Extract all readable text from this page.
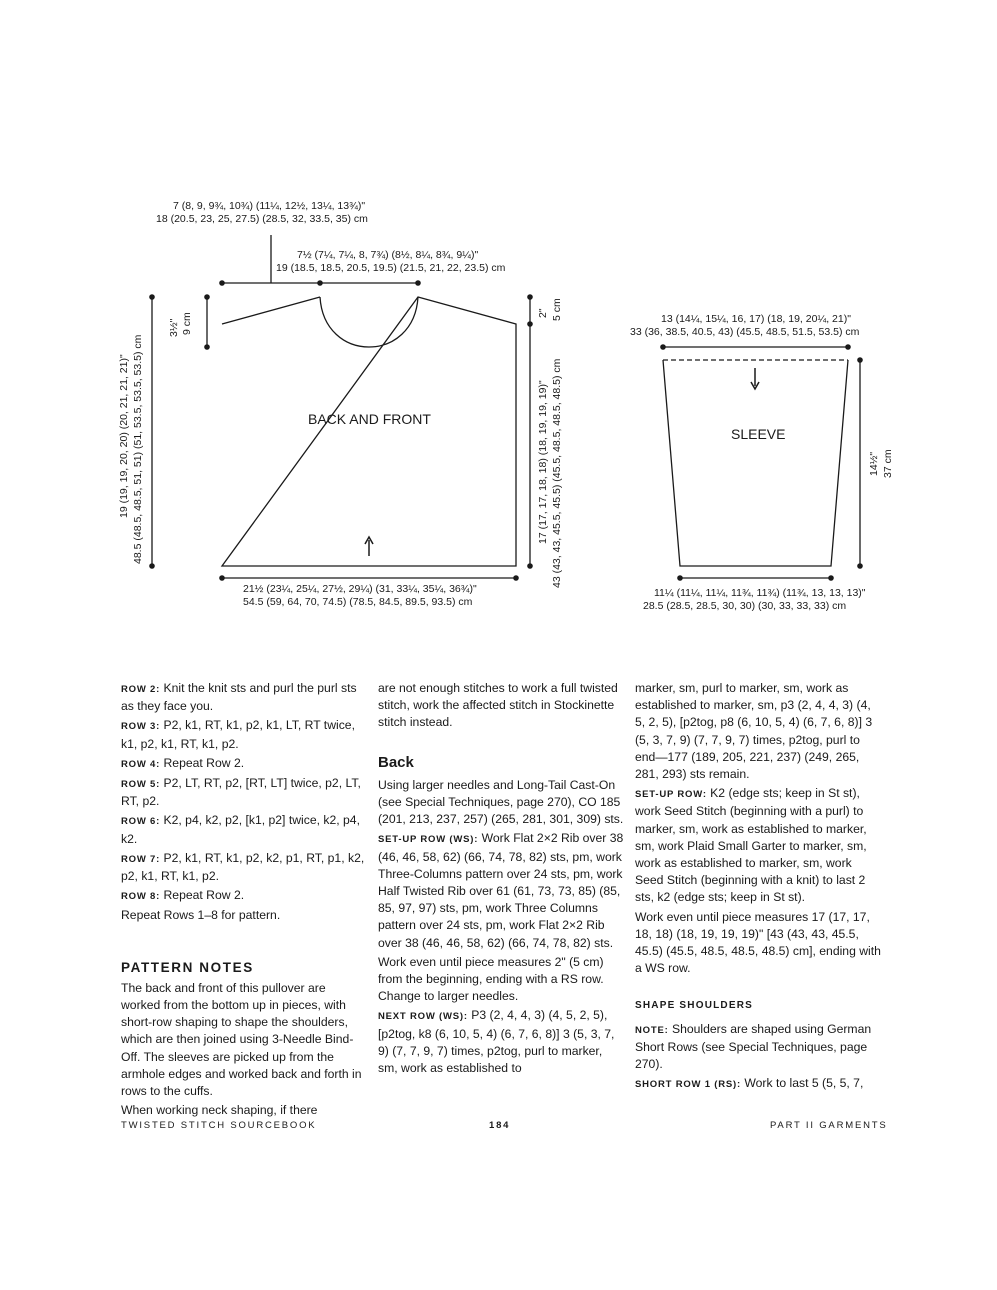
7 (8, 9, 9¾, 10¾) (11¼, 12½, 13¼, 13¾)"
18 (20.5, 23, 25, 27.5) (28.5, 32, 33.5, 35) cm
7½ (7¼, 7¼, 8, 7¾) (8½, 8¼, 8¾, 9¼)"
19 (18.5, 18.5, 20.5, 19.5) (21.5, 21, 22, 23.5) cm
19 (19, 19, 20, 20) (20, 21, 21, 21)" 48.5 (48.5, 48.5, 51, 51) (51, 53.5, 53.5, 53.5) cm
3½" 9 cm	2" 5 cm
17 (17, 17, 18, 18) (18, 19, 19, 19)" 43 (43, 43, 45.5, 45.5) (45.5, 48.5, 48.5, 48.5) cm
BACK AND FRONT
21½ (23¼, 25¼, 27½, 29¼) (31, 33¼, 35¼, 36¾)"
54.5 (59, 64, 70, 74.5) (78.5, 84.5, 89.5, 93.5) cm
13 (14¼, 15¼, 16, 17) (18, 19, 20¼, 21)"
33 (36, 38.5, 40.5, 43) (45.5, 48.5, 51.5, 53.5) cm
SLEEVE
14½" 37 cm
11¼ (11¼, 11¼, 11¾, 11¾) (11¾, 13, 13, 13)"
28.5 (28.5, 28.5, 30, 30) (30, 33, 33, 33) cm

ROW 2: Knit the knit sts and purl the purl sts as they face you.

ROW 3: P2, k1, RT, k1, p2, k1, LT, RT twice, k1, p2, k1, RT, k1, p2.

ROW 4: Repeat Row 2.

ROW 5: P2, LT, RT, p2, [RT, LT] twice, p2, LT, RT, p2.

ROW 6: K2, p4, k2, p2, [k1, p2] twice, k2, p4, k2.

ROW 7: P2, k1, RT, k1, p2, k2, p1, RT, p1, k2, p2, k1, RT, k1, p2.

ROW 8: Repeat Row 2.

Repeat Rows 1–8 for pattern.

PATTERN NOTES

The back and front of this pullover are worked from the bottom up in pieces, with short-row shaping to shape the shoulders, which are then joined using 3-Needle Bind-Off. The sleeves are picked up from the armhole edges and worked back and forth in rows to the cuffs.

When working neck shaping, if there

are not enough stitches to work a full twisted stitch, work the affected stitch in Stockinette stitch instead.

Back

Using larger needles and Long-Tail Cast-On (see Special Techniques, page 270), CO 185 (201, 213, 237, 257) (265, 281, 301, 309) sts.

SET-UP ROW (WS): Work Flat 2×2 Rib over 38 (46, 46, 58, 62) (66, 74, 78, 82) sts, pm, work Three-Columns pattern over 24 sts, pm, work Half Twisted Rib over 61 (61, 73, 73, 85) (85, 85, 97, 97) sts, pm, work Three Columns pattern over 24 sts, pm, work Flat 2×2 Rib over 38 (46, 46, 58, 62) (66, 74, 78, 82) sts.

Work even until piece measures 2" (5 cm) from the beginning, ending with a RS row. Change to larger needles.

NEXT ROW (WS): P3 (2, 4, 4, 3) (4, 5, 2, 5), [p2tog, k8 (6, 10, 5, 4) (6, 7, 6, 8)] 3 (5, 3, 7, 9) (7, 7, 9, 7) times, p2tog, purl to marker, sm, work as established to

marker, sm, purl to marker, sm, work as established to marker, sm, p3 (2, 4, 4, 3) (4, 5, 2, 5), [p2tog, p8 (6, 10, 5, 4) (6, 7, 6, 8)] 3 (5, 3, 7, 9) (7, 7, 9, 7) times, p2tog, purl to end—177 (189, 205, 221, 237) (249, 265, 281, 293) sts remain.

SET-UP ROW: K2 (edge sts; keep in St st), work Seed Stitch (beginning with a purl) to marker, sm, work as established to marker, sm, work Plaid Small Garter to marker, sm, work as established to marker, sm, work Seed Stitch (beginning with a knit) to last 2 sts, k2 (edge sts; keep in St st).

Work even until piece measures 17 (17, 17, 18, 18) (18, 19, 19, 19)" [43 (43, 43, 45.5, 45.5) (45.5, 48.5, 48.5, 48.5) cm], ending with a WS row.

SHAPE SHOULDERS

NOTE: Shoulders are shaped using German Short Rows (see Special Techniques, page 270).

SHORT ROW 1 (RS): Work to last 5 (5, 5, 7,

TWISTED STITCH SOURCEBOOK	184	PART II GARMENTS
